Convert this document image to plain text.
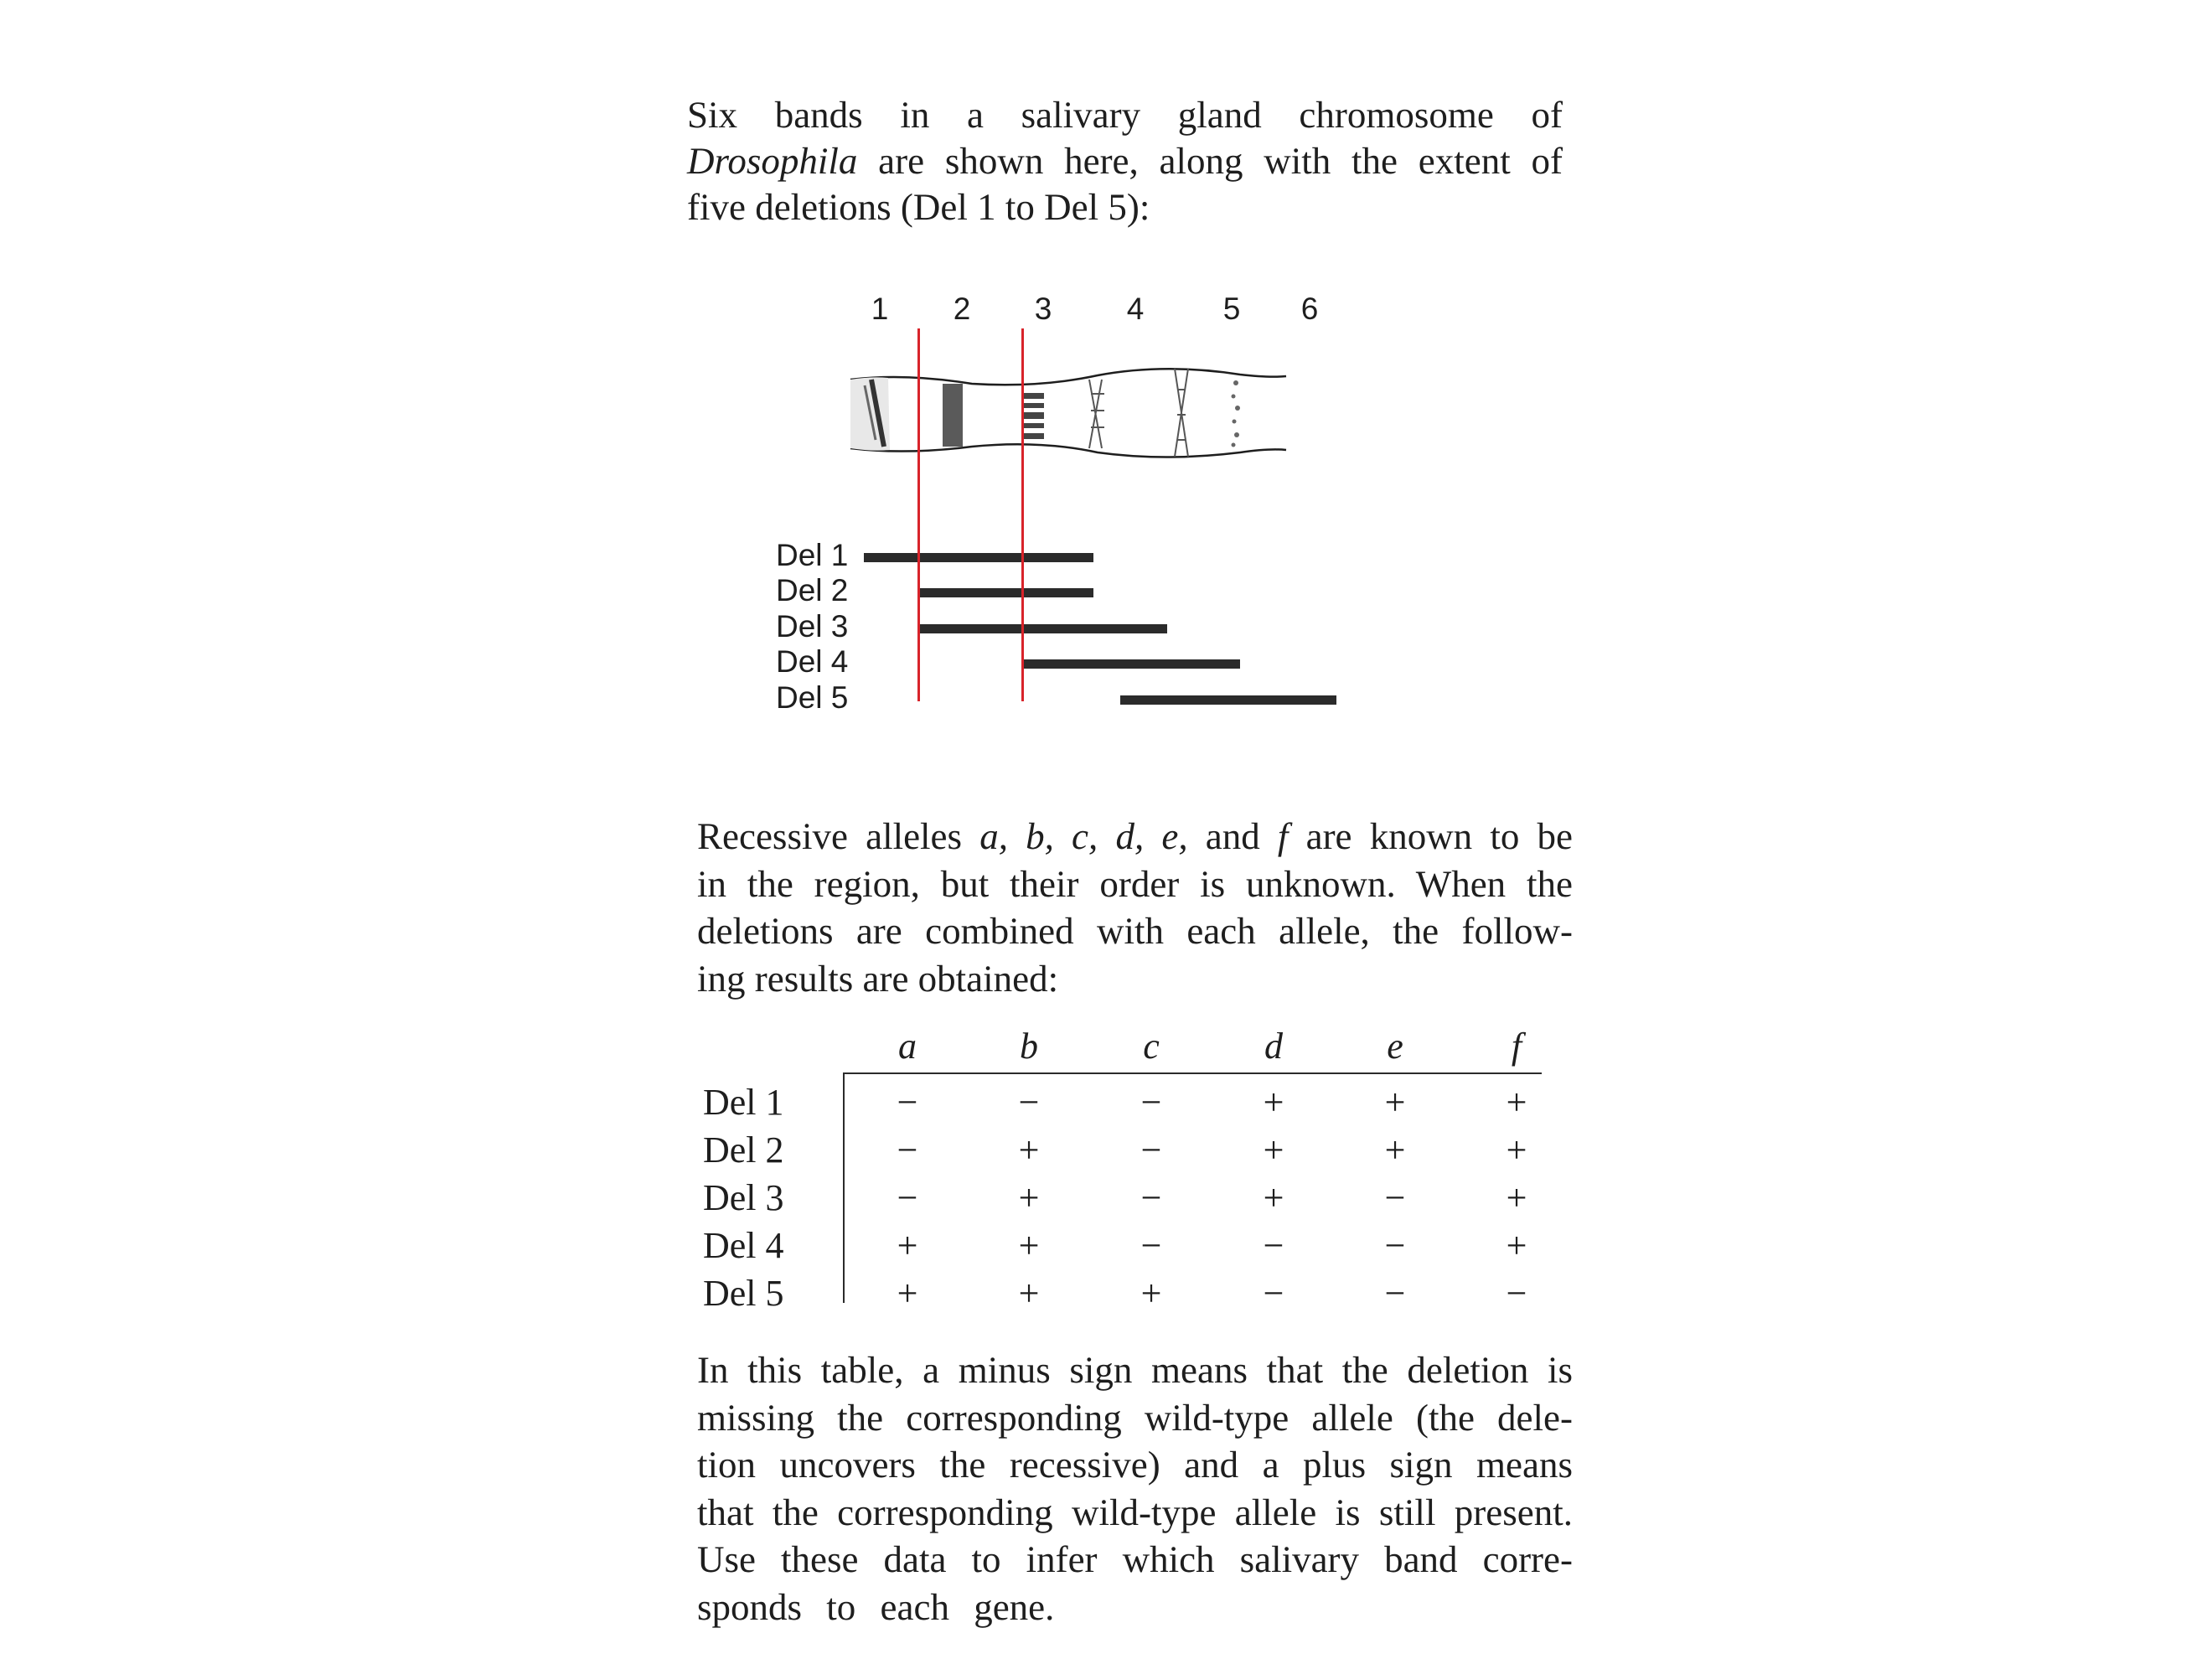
Six bands in a salivary gland chromosome of
Drosophila are shown here, along with the extent of
five deletions (Del 1 to Del 5):
1 2 3 4	5 6
Del 1
Del 2
Del 3
Del 4
Del 5
Recessive alleles a, b, c, d, e, and f are known to be
in the region, but their order is unknown. When the
deletions are combined with each allele, the follow-
ing results are obtained:
a	b	c	d	e	f
Del 1	−	−	−	+	+	+
Del 2	−	+	−	+	+	+
Del 3	−	+	−	+	−	+
Del 4	+	+	−	−	−	+
Del 5	+	+	+	−	−	−
In this table, a minus sign means that the deletion is
missing the corresponding wild-type allele (the dele-
tion uncovers the recessive) and a plus sign means
that the corresponding wild-type allele is still present.
Use these data to infer which salivary band corre-
sponds to each gene.
